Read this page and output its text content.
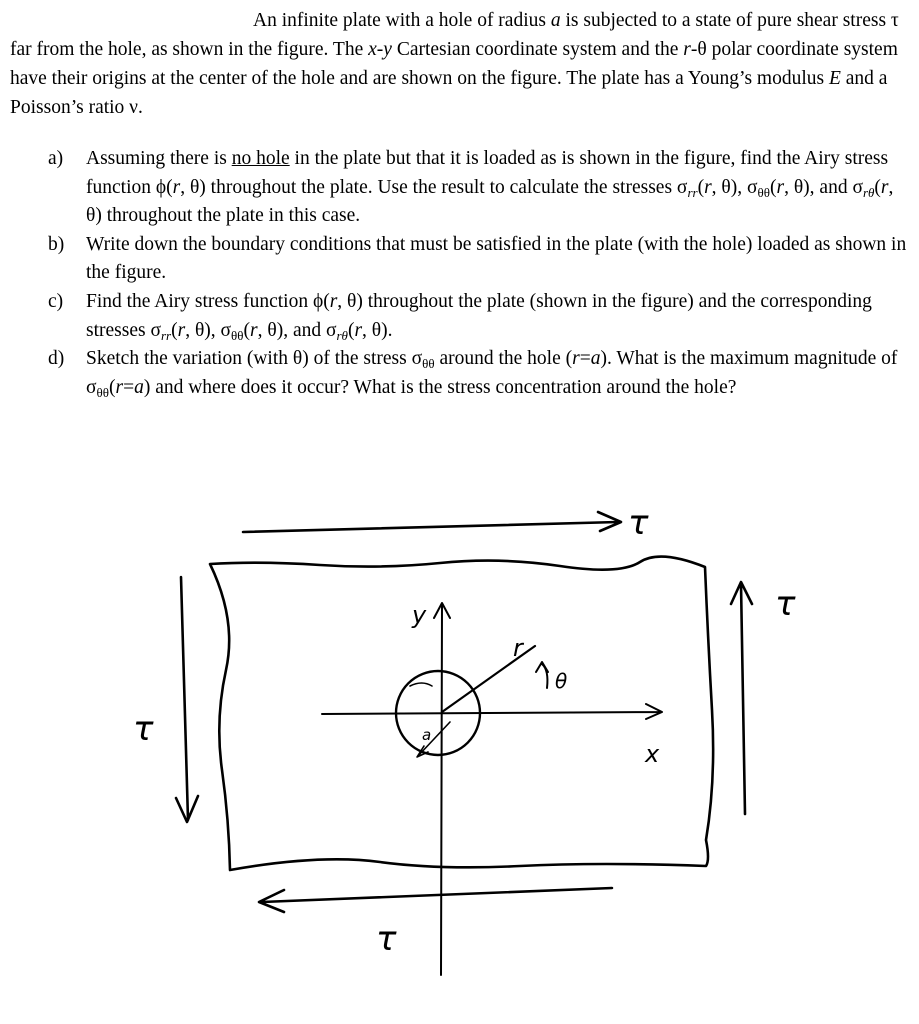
An infinite plate with a hole of radius a is subjected to a state of pure shear stress τ far from the hole, as shown in the figure. The x-y Cartesian coordinate system and the r-θ polar coordinate system have their origins at the center of the hole and are shown on the figure. The plate has a Young’s modulus E and a Poisson’s ratio ν.

a) Assuming there is no hole in the plate but that it is loaded as is shown in the figure, find the Airy stress function ϕ(r, θ) throughout the plate. Use the result to calculate the stresses $\sigma_{rr}(r$, θ), $\sigma_{\theta\theta}(r$, θ), and $\sigma_{r\theta}(r$, θ) throughout the plate in this case.
b) Write down the boundary conditions that must be satisfied in the plate (with the hole) loaded as shown in the figure.
c) Find the Airy stress function ϕ(r, θ) throughout the plate (shown in the figure) and the corresponding stresses $\sigma_{rr}(r$, θ), $\sigma_{\theta\theta}(r$, θ), and $\sigma_{r\theta}(r$, θ).
d) Sketch the variation (with θ) of the stress $\sigma_{\theta\theta}$ around the hole (r=a). What is the maximum magnitude of $\sigma_{\theta\theta}(r=a)$ and where does it occur? What is the stress concentration around the hole?
τ
τ
τ
τ
y
x
r
θ
a
